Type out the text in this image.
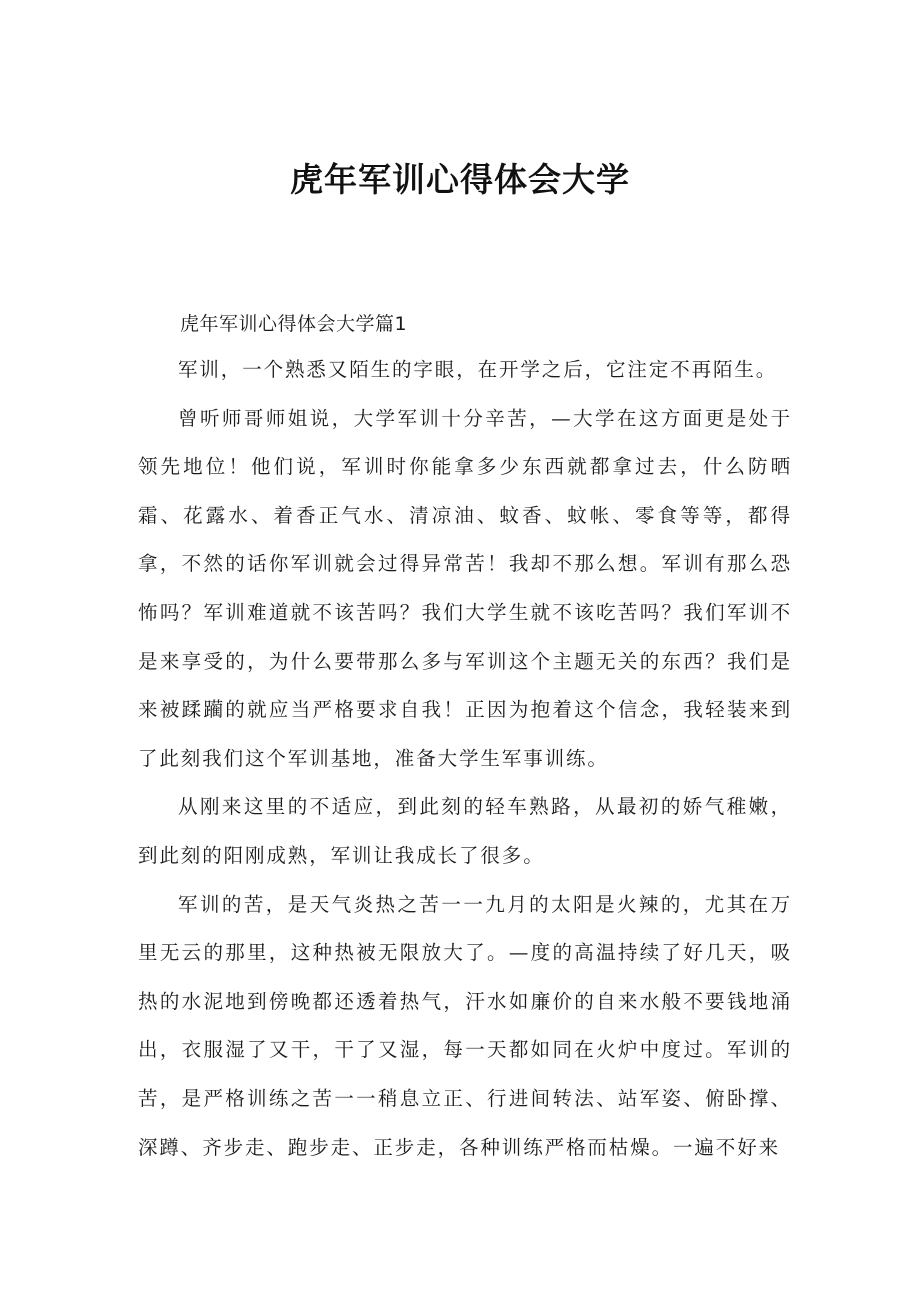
虎年军训心得体会大学

虎年军训心得体会大学篇1

军训，一个熟悉又陌生的字眼，在开学之后，它注定不再陌生。

曾听师哥师姐说，大学军训十分辛苦，—大学在这方面更是处于领先地位！他们说，军训时你能拿多少东西就都拿过去，什么防晒霜、花露水、着香正气水、清凉油、蚊香、蚊帐、零食等等，都得拿，不然的话你军训就会过得异常苦！我却不那么想。军训有那么恐怖吗？军训难道就不该苦吗？我们大学生就不该吃苦吗？我们军训不是来享受的，为什么要带那么多与军训这个主题无关的东西？我们是来被蹂躏的就应当严格要求自我！正因为抱着这个信念，我轻装来到了此刻我们这个军训基地，准备大学生军事训练。

从刚来这里的不适应，到此刻的轻车熟路，从最初的娇气稚嫩，到此刻的阳刚成熟，军训让我成长了很多。

军训的苦，是天气炎热之苦一一九月的太阳是火辣的，尤其在万里无云的那里，这种热被无限放大了。—度的高温持续了好几天，吸热的水泥地到傍晚都还透着热气，汗水如廉价的自来水般不要钱地涌出，衣服湿了又干，干了又湿，每一天都如同在火炉中度过。军训的苦，是严格训练之苦一一稍息立正、行进间转法、站军姿、俯卧撑、深蹲、齐步走、跑步走、正步走，各种训练严格而枯燥。一遍不好来
